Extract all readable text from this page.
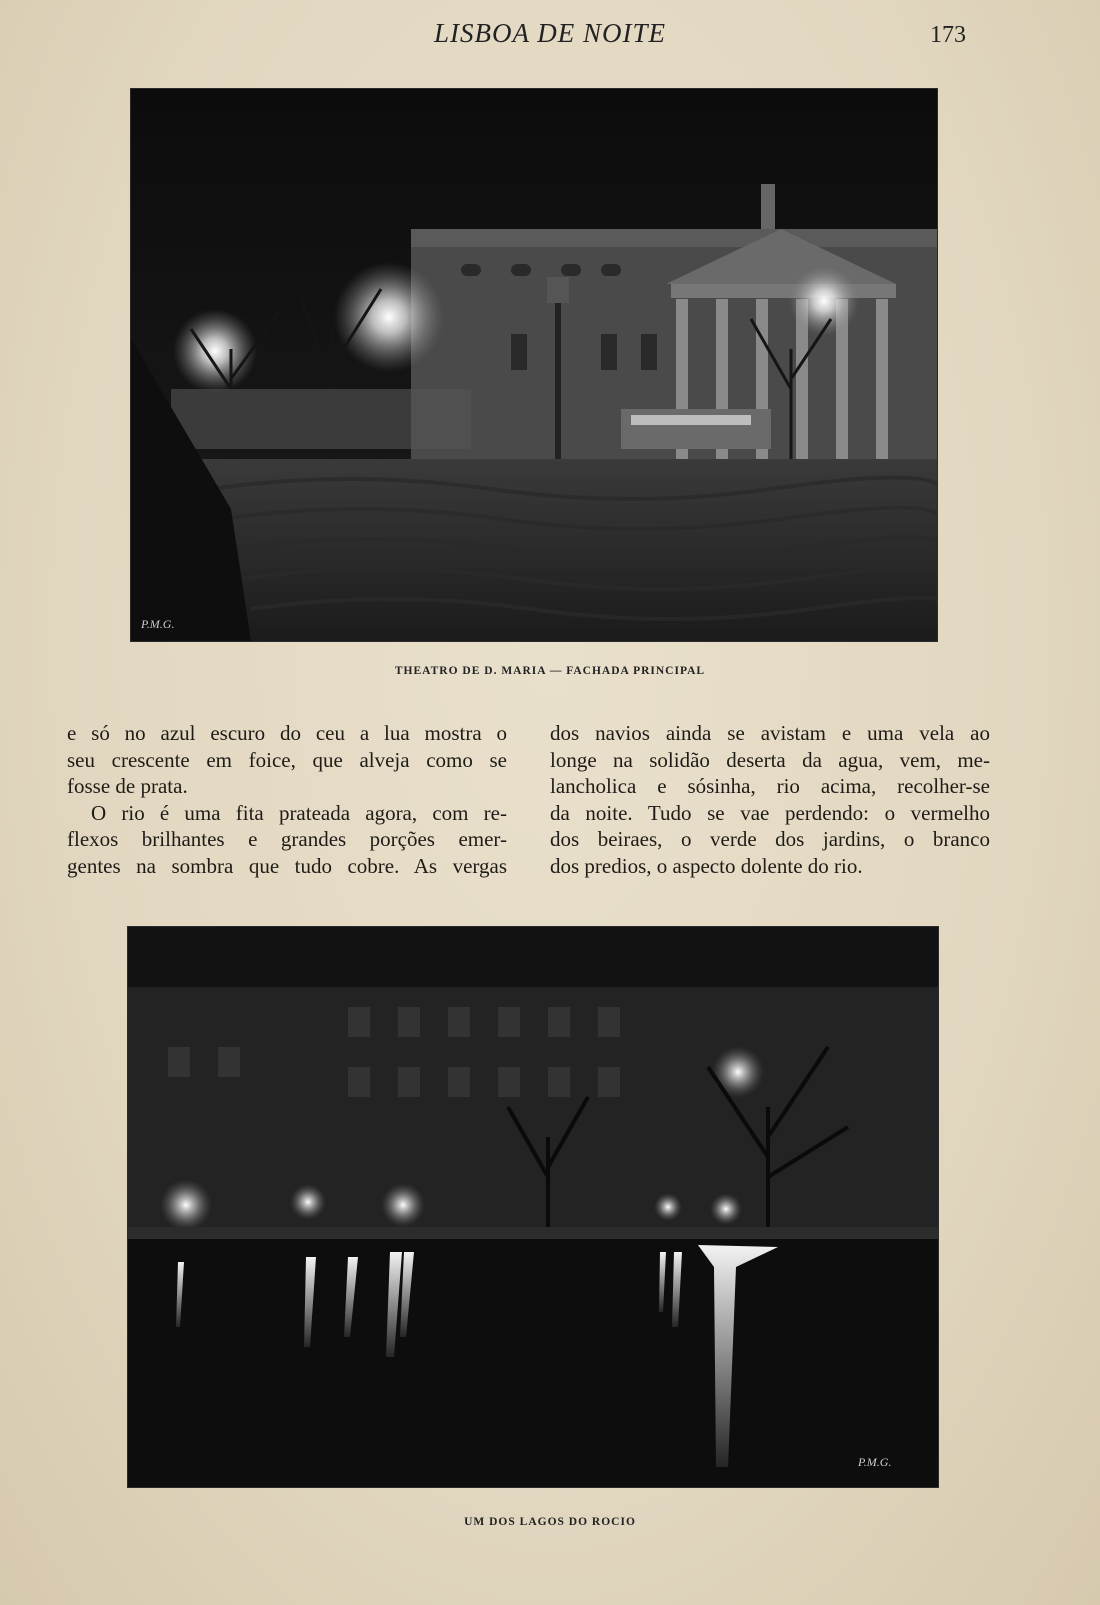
LISBOA DE NOITE	173
P.M.G.
THEATRO DE D. MARIA — FACHADA PRINCIPAL

e só no azul escuro do ceu a lua mostra o
seu crescente em foice, que alveja como se
fosse de prata.

O rio é uma fita prateada agora, com re-
flexos brilhantes e grandes porções emer-
gentes na sombra que tudo cobre. As vergas

dos navios ainda se avistam e uma vela ao
longe na solidão deserta da agua, vem, me-
lancholica e sósinha, rio acima, recolher-se
da noite. Tudo se vae perdendo: o vermelho
dos beiraes, o verde dos jardins, o branco
dos predios, o aspecto dolente do rio.

P.M.G.
UM DOS LAGOS DO ROCIO
